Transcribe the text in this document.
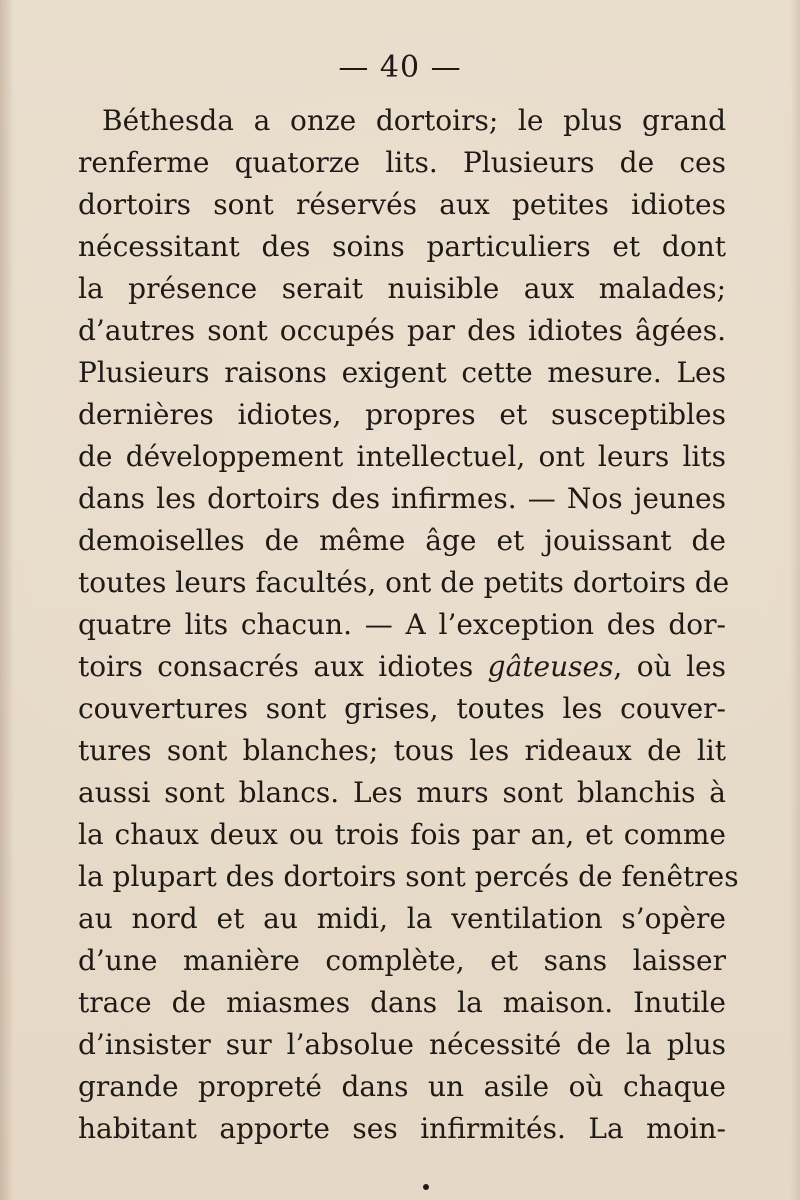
— 40 —
Béthesda a onze dortoirs; le plus grand
renferme quatorze lits. Plusieurs de ces
dortoirs sont réservés aux petites idiotes
nécessitant des soins particuliers et dont
la présence serait nuisible aux malades;
d’autres sont occupés par des idiotes âgées.
Plusieurs raisons exigent cette mesure. Les
dernières idiotes, propres et susceptibles
de développement intellectuel, ont leurs lits
dans les dortoirs des infirmes. — Nos jeunes
demoiselles de même âge et jouissant de
toutes leurs facultés, ont de petits dortoirs de
quatre lits chacun. — A l’exception des dor-
toirs consacrés aux idiotes gâteuses, où les
couvertures sont grises, toutes les couver-
tures sont blanches; tous les rideaux de lit
aussi sont blancs. Les murs sont blanchis à
la chaux deux ou trois fois par an, et comme
la plupart des dortoirs sont percés de fenêtres
au nord et au midi, la ventilation s’opère
d’une manière complète, et sans laisser
trace de miasmes dans la maison. Inutile
d’insister sur l’absolue nécessité de la plus
grande propreté dans un asile où chaque
habitant apporte ses infirmités. La moin-
